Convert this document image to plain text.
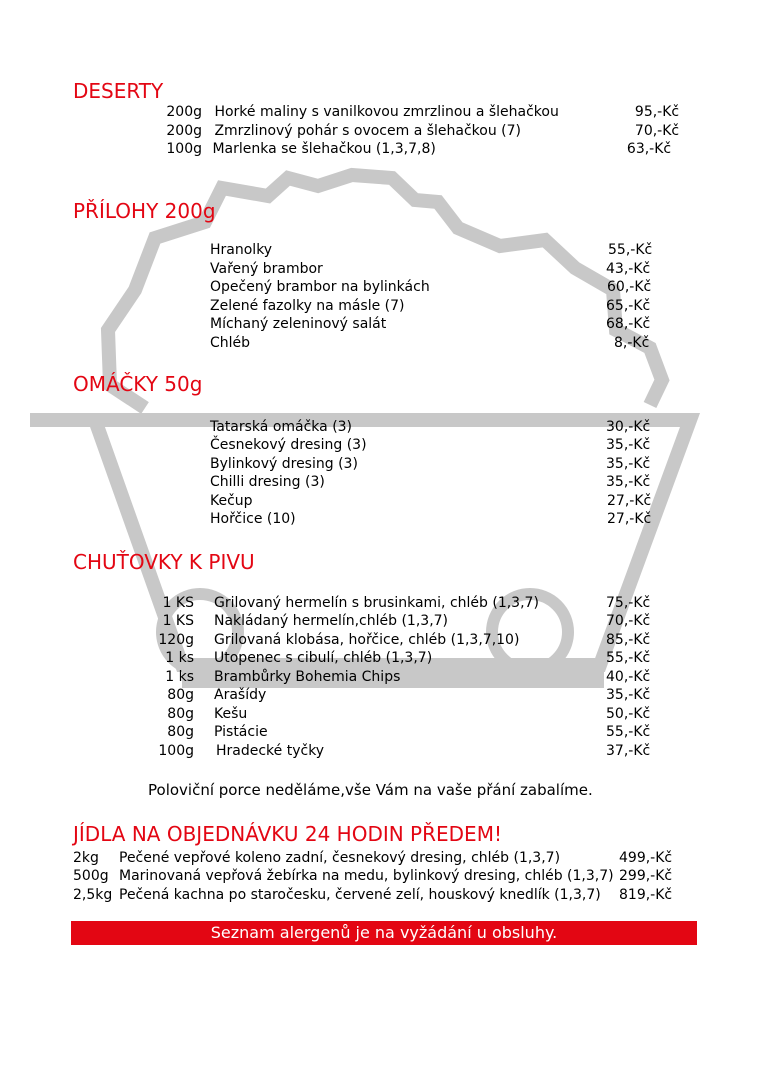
DESERTY
200g Horké maliny s vanilkovou zmrzlinou a šlehačkou	95,-Kč
200g Zmrzlinový pohár s ovocem a šlehačkou (7)	70,-Kč
100g Marlenka se šlehačkou (1,3,7,8)	63,-Kč
PŘÍLOHY 200g
Hranolky	55,-Kč
Vařený brambor	43,-Kč
Opečený brambor na bylinkách	60,-Kč
Zelené fazolky na másle (7)	65,-Kč
Míchaný zeleninový salát	68,-Kč
Chléb	8,-Kč
OMÁČKY 50g
Tatarská omáčka (3)	30,-Kč
Česnekový dresing (3)	35,-Kč
Bylinkový dresing (3)	35,-Kč
Chilli dresing (3)	35,-Kč
Kečup	27,-Kč
Hořčice (10)	27,-Kč
CHUŤOVKY K PIVU
1 KS Grilovaný hermelín s brusinkami, chléb (1,3,7)	75,-Kč
1 KS Nakládaný hermelín,chléb (1,3,7)	70,-Kč
120g Grilovaná klobása, hořčice, chléb (1,3,7,10)	85,-Kč
1 ks Utopenec s cibulí, chléb (1,3,7)	55,-Kč
1 ks Brambůrky Bohemia Chips	40,-Kč
80g Arašídy	35,-Kč
80g Kešu	50,-Kč
80g Pistácie	55,-Kč
100g Hradecké tyčky	37,-Kč
Poloviční porce neděláme,vše Vám na vaše přání zabalíme.
JÍDLA NA OBJEDNÁVKU 24 HODIN PŘEDEM!
2kg Pečené vepřové koleno zadní, česnekový dresing, chléb (1,3,7)	499,-Kč
500g Marinovaná vepřová žebírka na medu, bylinkový dresing, chléb (1,3,7) 299,-Kč
2,5kg Pečená kachna po staročesku, červené zelí, houskový knedlík (1,3,7) 819,-Kč
Seznam alergenů je na vyžádání u obsluhy.
